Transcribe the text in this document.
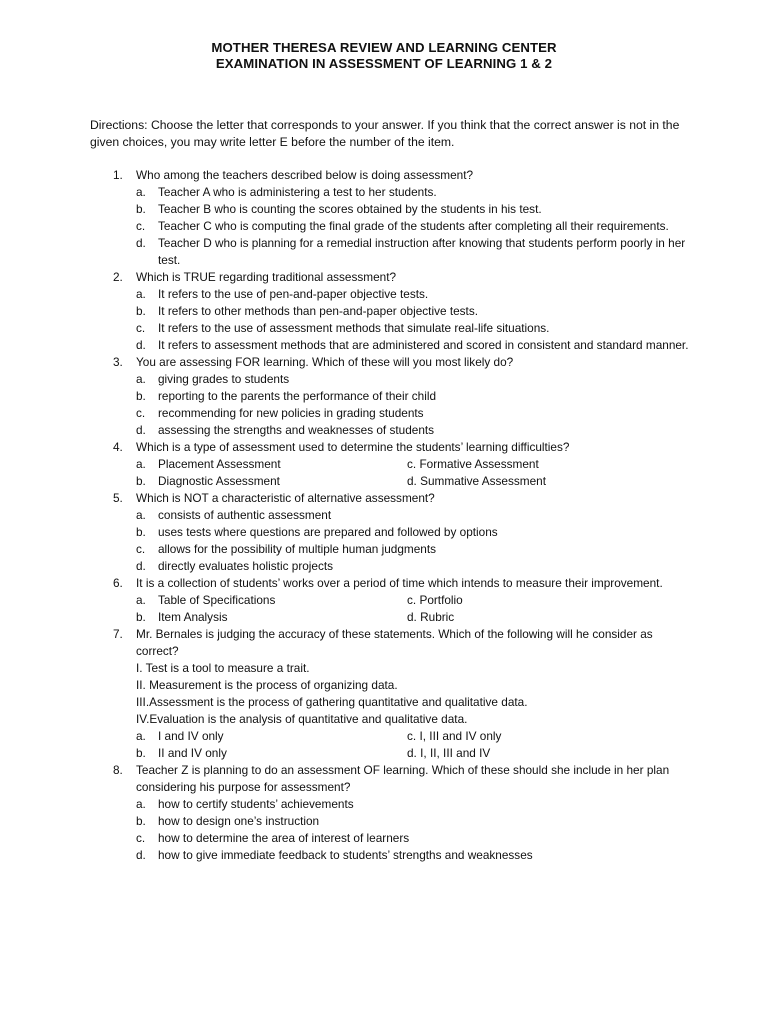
MOTHER THERESA REVIEW AND LEARNING CENTER
EXAMINATION IN ASSESSMENT OF LEARNING 1 & 2
Directions: Choose the letter that corresponds to your answer. If you think that the correct answer is not in the given choices, you may write letter E before the number of the item.
1. Who among the teachers described below is doing assessment?
a. Teacher A who is administering a test to her students.
b. Teacher B who is counting the scores obtained by the students in his test.
c. Teacher C who is computing the final grade of the students after completing all their requirements.
d. Teacher D who is planning for a remedial instruction after knowing that students perform poorly in her test.
2. Which is TRUE regarding traditional assessment?
a. It refers to the use of pen-and-paper objective tests.
b. It refers to other methods than pen-and-paper objective tests.
c. It refers to the use of assessment methods that simulate real-life situations.
d. It refers to assessment methods that are administered and scored in consistent and standard manner.
3. You are assessing FOR learning. Which of these will you most likely do?
a. giving grades to students
b. reporting to the parents the performance of their child
c. recommending for new policies in grading students
d. assessing the strengths and weaknesses of students
4. Which is a type of assessment used to determine the students’ learning difficulties?
a. Placement Assessment	c. Formative Assessment
b. Diagnostic Assessment	d. Summative Assessment
5. Which is NOT a characteristic of alternative assessment?
a. consists of authentic assessment
b. uses tests where questions are prepared and followed by options
c. allows for the possibility of multiple human judgments
d. directly evaluates holistic projects
6. It is a collection of students’ works over a period of time which intends to measure their improvement.
a. Table of Specifications	c. Portfolio
b. Item Analysis	d. Rubric
7. Mr. Bernales is judging the accuracy of these statements. Which of the following will he consider as correct?
I. Test is a tool to measure a trait.
II. Measurement is the process of organizing data.
III.Assessment is the process of gathering quantitative and qualitative data.
IV.Evaluation is the analysis of quantitative and qualitative data.
a. I and IV only	c. I, III and IV only
b. II and IV only	d. I, II, III and IV
8. Teacher Z is planning to do an assessment OF learning. Which of these should she include in her plan considering his purpose for assessment?
a. how to certify students’ achievements
b. how to design one’s instruction
c. how to determine the area of interest of learners
d. how to give immediate feedback to students’ strengths and weaknesses
